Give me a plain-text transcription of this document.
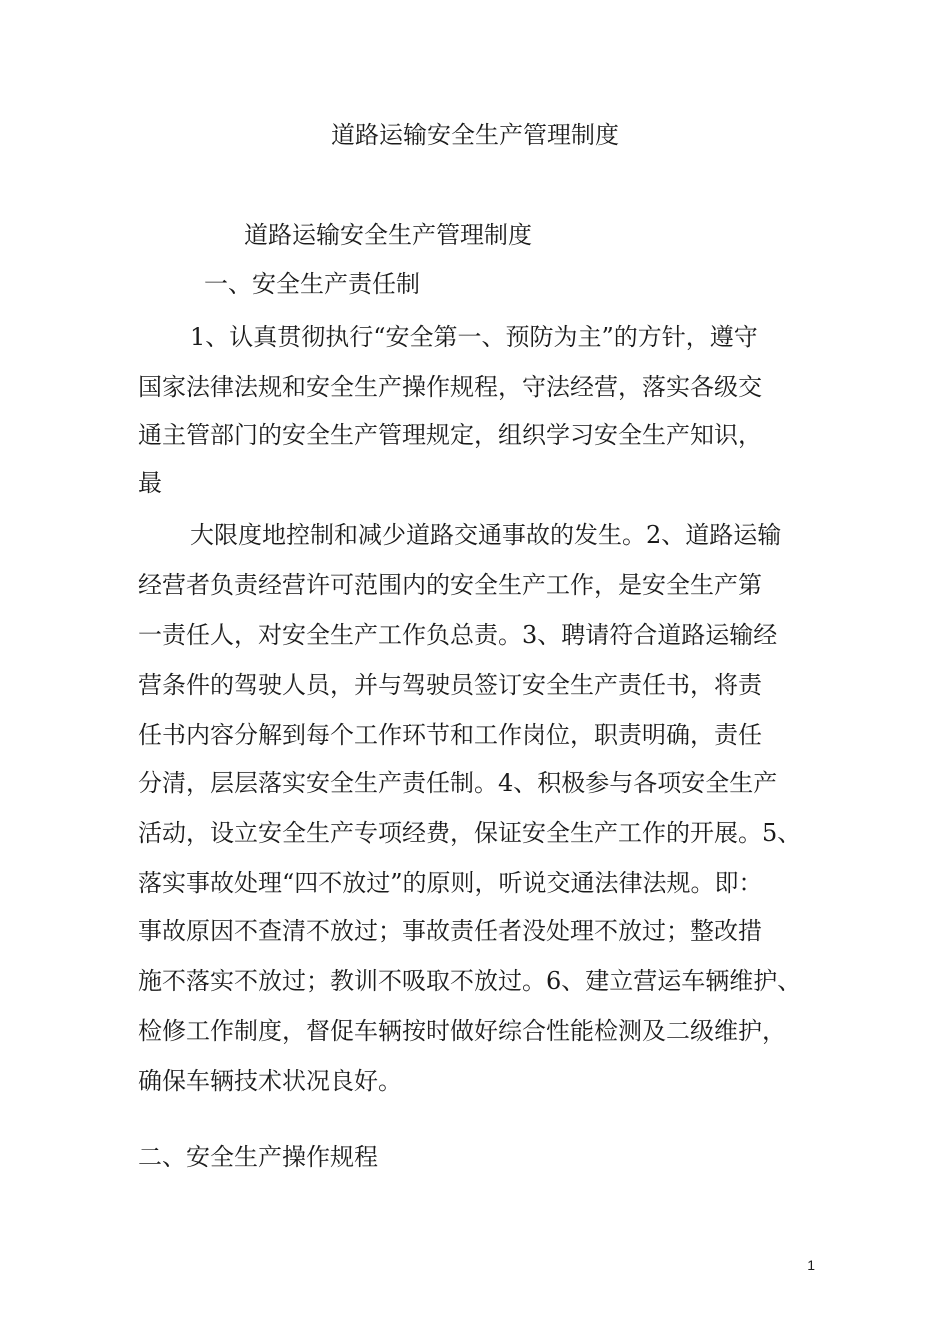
道路运输安全生产管理制度
道路运输安全生产管理制度
一、安全生产责任制

1、认真贯彻执行“安全第一、预防为主”的方针，遵守

国家法律法规和安全生产操作规程，守法经营，落实各级交

通主管部门的安全生产管理规定，组织学习安全生产知识，

最

大限度地控制和减少道路交通事故的发生。2、道路运输

经营者负责经营许可范围内的安全生产工作，是安全生产第

一责任人，对安全生产工作负总责。3、聘请符合道路运输经

营条件的驾驶人员，并与驾驶员签订安全生产责任书，将责

任书内容分解到每个工作环节和工作岗位，职责明确，责任

分清，层层落实安全生产责任制。4、积极参与各项安全生产

活动，设立安全生产专项经费，保证安全生产工作的开展。5、

落实事故处理“四不放过”的原则，听说交通法律法规。即：

事故原因不查清不放过；事故责任者没处理不放过；整改措

施不落实不放过；教训不吸取不放过。6、建立营运车辆维护、

检修工作制度，督促车辆按时做好综合性能检测及二级维护，

确保车辆技术状况良好。

二、安全生产操作规程
1
